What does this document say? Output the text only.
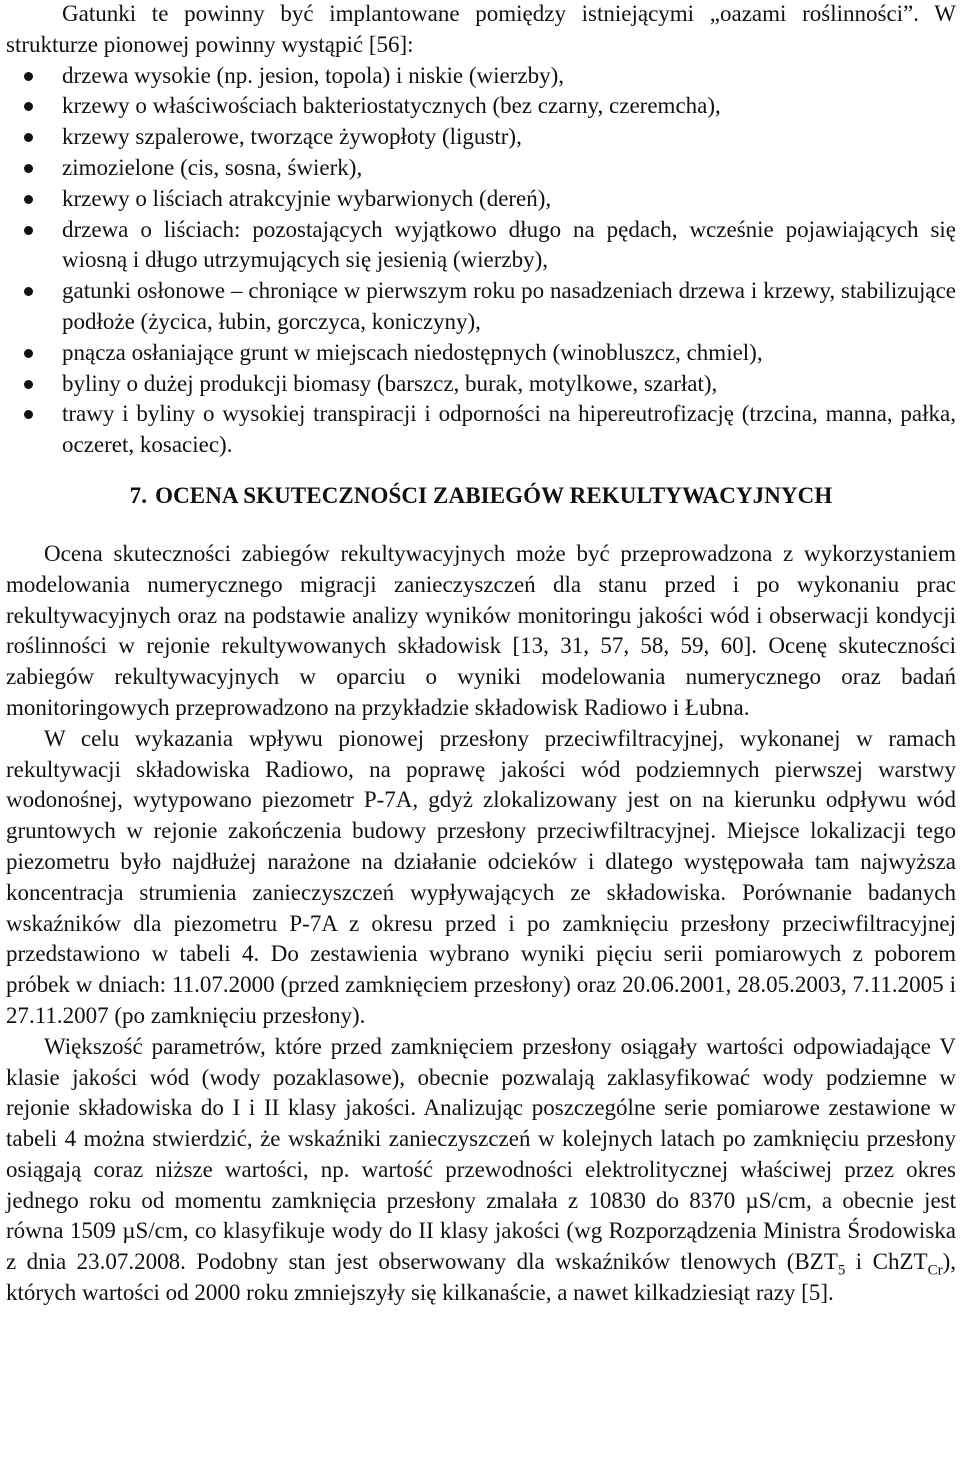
Gatunki te powinny być implantowane pomiędzy istniejącymi „oazami roślinności”. W strukturze pionowej powinny wystąpić [56]:

drzewa wysokie (np. jesion, topola) i niskie (wierzby),
krzewy o właściwościach bakteriostatycznych (bez czarny, czeremcha),
krzewy szpalerowe, tworzące żywopłoty (ligustr),
zimozielone (cis, sosna, świerk),
krzewy o liściach atrakcyjnie wybarwionych (dereń),
drzewa o liściach: pozostających wyjątkowo długo na pędach, wcześnie pojawiających się wiosną i długo utrzymujących się jesienią (wierzby),
gatunki osłonowe – chroniące w pierwszym roku po nasadzeniach drzewa i krzewy, stabilizujące podłoże (życica, łubin, gorczyca, koniczyny),
pnącza osłaniające grunt w miejscach niedostępnych (winobluszcz, chmiel),
byliny o dużej produkcji biomasy (barszcz, burak, motylkowe, szarłat),
trawy i byliny o wysokiej transpiracji i odporności na hipereutrofizację (trzcina, manna, pałka, oczeret, kosaciec).
7. OCENA SKUTECZNOŚCI ZABIEGÓW REKULTYWACYJNYCH

Ocena skuteczności zabiegów rekultywacyjnych może być przeprowadzona z wykorzystaniem modelowania numerycznego migracji zanieczyszczeń dla stanu przed i po wykonaniu prac rekultywacyjnych oraz na podstawie analizy wyników monitoringu jakości wód i obserwacji kondycji roślinności w rejonie rekultywowanych składowisk [13, 31, 57, 58, 59, 60]. Ocenę skuteczności zabiegów rekultywacyjnych w oparciu o wyniki modelowania numerycznego oraz badań monitoringowych przeprowadzono na przykładzie składowisk Radiowo i Łubna.

W celu wykazania wpływu pionowej przesłony przeciwfiltracyjnej, wykonanej w ramach rekultywacji składowiska Radiowo, na poprawę jakości wód podziemnych pierwszej warstwy wodonośnej, wytypowano piezometr P-7A, gdyż zlokalizowany jest on na kierunku odpływu wód gruntowych w rejonie zakończenia budowy przesłony przeciwfiltracyjnej. Miejsce lokalizacji tego piezometru było najdłużej narażone na działanie odcieków i dlatego występowała tam najwyższa koncentracja strumienia zanieczyszczeń wypływających ze składowiska. Porównanie badanych wskaźników dla piezometru P-7A z okresu przed i po zamknięciu przesłony przeciwfiltracyjnej przedstawiono w tabeli 4. Do zestawienia wybrano wyniki pięciu serii pomiarowych z poborem próbek w dniach: 11.07.2000 (przed zamknięciem przesłony) oraz 20.06.2001, 28.05.2003, 7.11.2005 i 27.11.2007 (po zamknięciu przesłony).

Większość parametrów, które przed zamknięciem przesłony osiągały wartości odpowiadające V klasie jakości wód (wody pozaklasowe), obecnie pozwalają zaklasyfikować wody podziemne w rejonie składowiska do I i II klasy jakości. Analizując poszczególne serie pomiarowe zestawione w tabeli 4 można stwierdzić, że wskaźniki zanieczyszczeń w kolejnych latach po zamknięciu przesłony osiągają coraz niższe wartości, np. wartość przewodności elektrolitycznej właściwej przez okres jednego roku od momentu zamknięcia przesłony zmalała z 10830 do 8370 µS/cm, a obecnie jest równa 1509 µS/cm, co klasyfikuje wody do II klasy jakości (wg Rozporządzenia Ministra Środowiska z dnia 23.07.2008. Podobny stan jest obserwowany dla wskaźników tlenowych ($BZT_5$ i ChZT$_{Cr}$), których wartości od 2000 roku zmniejszyły się kilkanaście, a nawet kilkadziesiąt razy [5].
